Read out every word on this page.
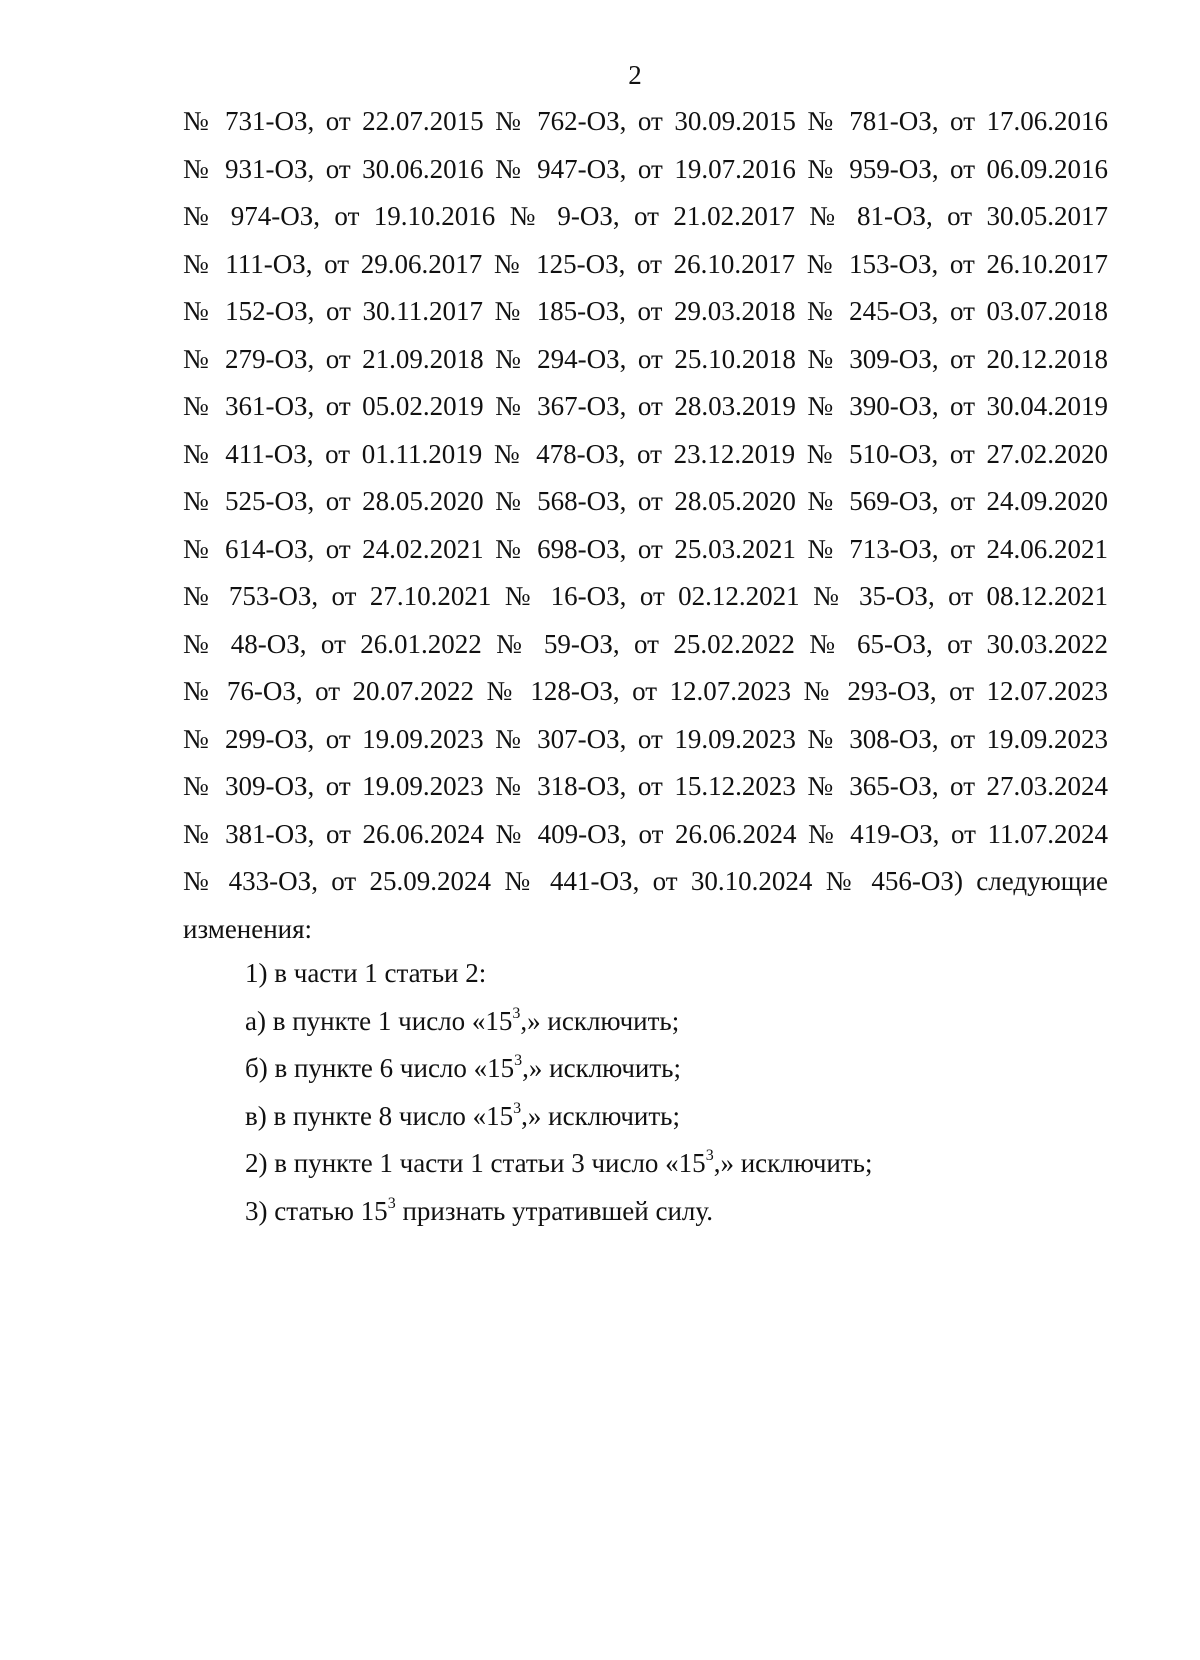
2
№ 731-ОЗ, от 22.07.2015 № 762-ОЗ, от 30.09.2015 № 781-ОЗ, от 17.06.2016
№ 931-ОЗ, от 30.06.2016 № 947-ОЗ, от 19.07.2016 № 959-ОЗ, от 06.09.2016
№ 974-ОЗ, от 19.10.2016 № 9-ОЗ, от 21.02.2017 № 81-ОЗ, от 30.05.2017
№ 111-ОЗ, от 29.06.2017 № 125-ОЗ, от 26.10.2017 № 153-ОЗ, от 26.10.2017
№ 152-ОЗ, от 30.11.2017 № 185-ОЗ, от 29.03.2018 № 245-ОЗ, от 03.07.2018
№ 279-ОЗ, от 21.09.2018 № 294-ОЗ, от 25.10.2018 № 309-ОЗ, от 20.12.2018
№ 361-ОЗ, от 05.02.2019 № 367-ОЗ, от 28.03.2019 № 390-ОЗ, от 30.04.2019
№ 411-ОЗ, от 01.11.2019 № 478-ОЗ, от 23.12.2019 № 510-ОЗ, от 27.02.2020
№ 525-ОЗ, от 28.05.2020 № 568-ОЗ, от 28.05.2020 № 569-ОЗ, от 24.09.2020
№ 614-ОЗ, от 24.02.2021 № 698-ОЗ, от 25.03.2021 № 713-ОЗ, от 24.06.2021
№ 753-ОЗ, от 27.10.2021 № 16-ОЗ, от 02.12.2021 № 35-ОЗ, от 08.12.2021
№ 48-ОЗ, от 26.01.2022 № 59-ОЗ, от 25.02.2022 № 65-ОЗ, от 30.03.2022
№ 76-ОЗ, от 20.07.2022 № 128-ОЗ, от 12.07.2023 № 293-ОЗ, от 12.07.2023
№ 299-ОЗ, от 19.09.2023 № 307-ОЗ, от 19.09.2023 № 308-ОЗ, от 19.09.2023
№ 309-ОЗ, от 19.09.2023 № 318-ОЗ, от 15.12.2023 № 365-ОЗ, от 27.03.2024
№ 381-ОЗ, от 26.06.2024 № 409-ОЗ, от 26.06.2024 № 419-ОЗ, от 11.07.2024
№ 433-ОЗ, от 25.09.2024 № 441-ОЗ, от 30.10.2024 № 456-ОЗ) следующие
изменения:
1) в части 1 статьи 2:
а) в пункте 1 число «$15^3$,» исключить;
б) в пункте 6 число «$15^3$,» исключить;
в) в пункте 8 число «$15^3$,» исключить;
2) в пункте 1 части 1 статьи 3 число «$15^3$,» исключить;
3) статью $15^3$ признать утратившей силу.
